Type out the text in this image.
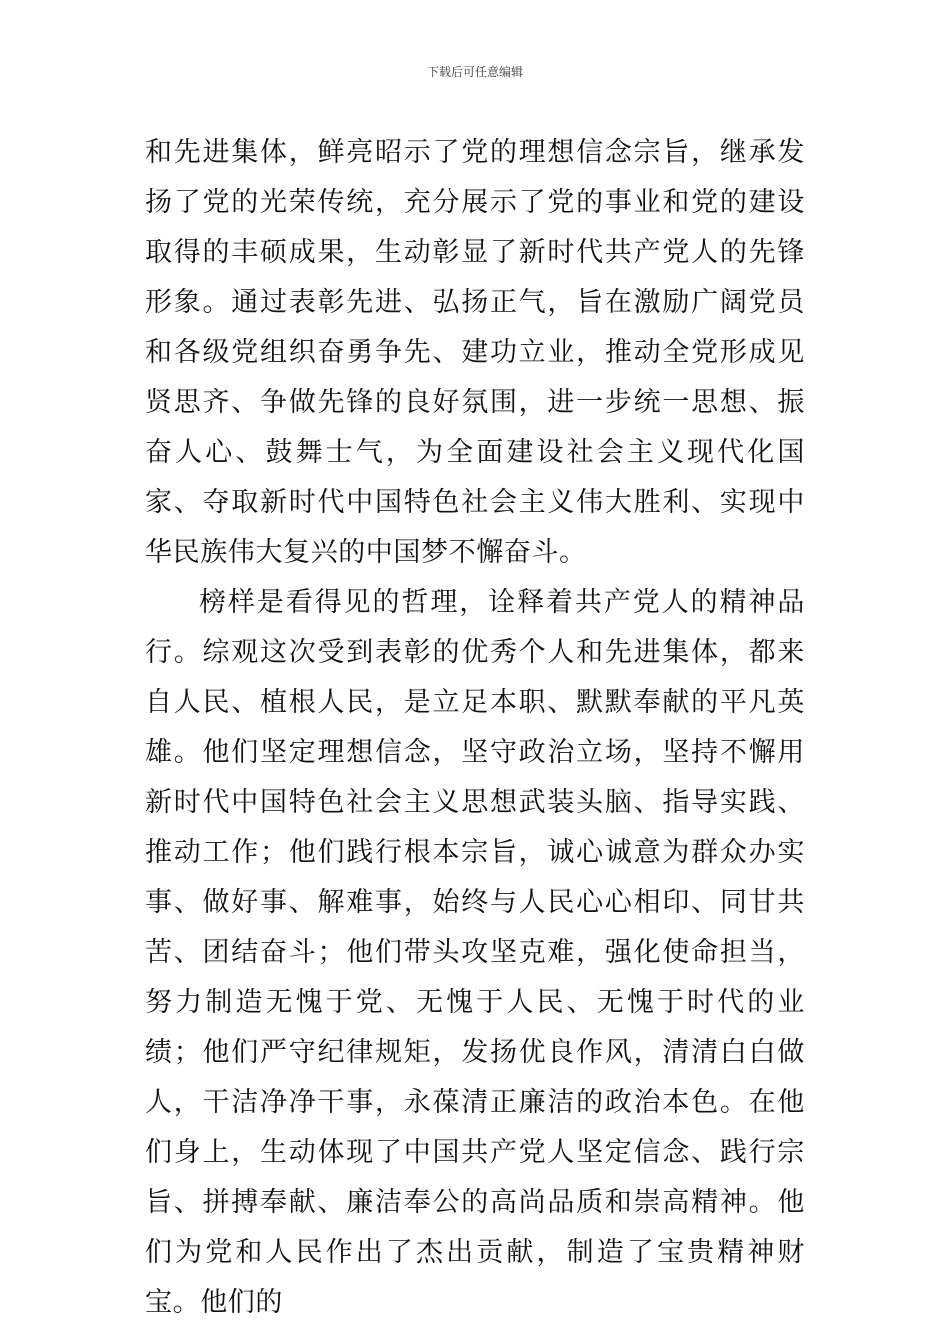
下载后可任意编辑

和先进集体，鲜亮昭示了党的理想信念宗旨，继承发扬了党的光荣传统，充分展示了党的事业和党的建设取得的丰硕成果，生动彰显了新时代共产党人的先锋形象。通过表彰先进、弘扬正气，旨在激励广阔党员和各级党组织奋勇争先、建功立业，推动全党形成见贤思齐、争做先锋的良好氛围，进一步统一思想、振奋人心、鼓舞士气，为全面建设社会主义现代化国家、夺取新时代中国特色社会主义伟大胜利、实现中华民族伟大复兴的中国梦不懈奋斗。

榜样是看得见的哲理，诠释着共产党人的精神品行。综观这次受到表彰的优秀个人和先进集体，都来自人民、植根人民，是立足本职、默默奉献的平凡英雄。他们坚定理想信念，坚守政治立场，坚持不懈用新时代中国特色社会主义思想武装头脑、指导实践、推动工作；他们践行根本宗旨，诚心诚意为群众办实事、做好事、解难事，始终与人民心心相印、同甘共苦、团结奋斗；他们带头攻坚克难，强化使命担当，努力制造无愧于党、无愧于人民、无愧于时代的业绩；他们严守纪律规矩，发扬优良作风，清清白白做人，干洁净净干事，永葆清正廉洁的政治本色。在他们身上，生动体现了中国共产党人坚定信念、践行宗旨、拼搏奉献、廉洁奉公的高尚品质和崇高精神。他们为党和人民作出了杰出贡献，制造了宝贵精神财宝。他们的
